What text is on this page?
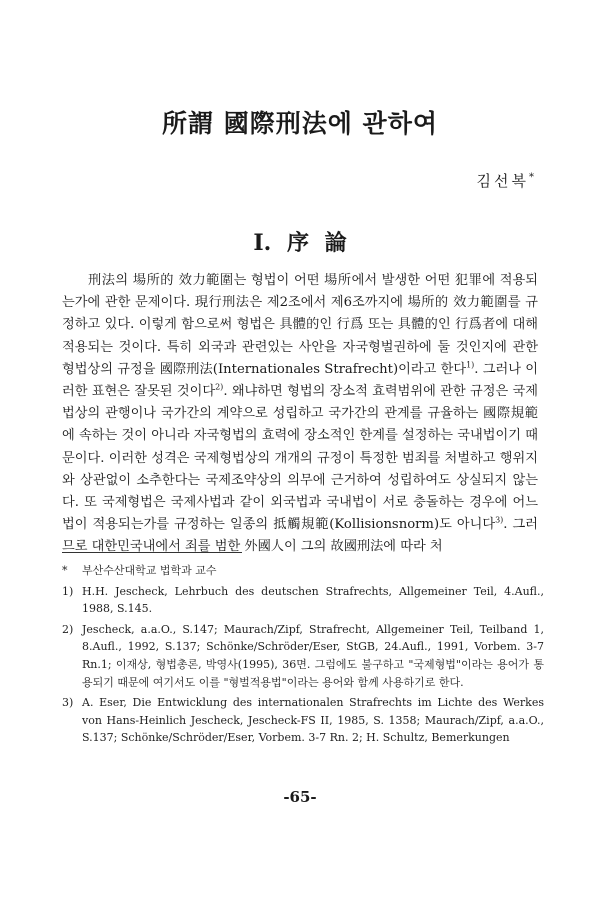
所謂 國際刑法에 관하여
김선복*
I. 序 論

刑法의 場所的 效力範圍는 형법이 어떤 場所에서 발생한 어떤 犯罪에 적용되는가에 관한 문제이다. 現行刑法은 제2조에서 제6조까지에 場所的 效力範圍를 규정하고 있다. 이렇게 함으로써 형법은 具體的인 行爲 또는 具體的인 行爲者에 대해 적용되는 것이다. 특히 외국과 관련있는 사안을 자국형벌권하에 둘 것인지에 관한 형법상의 규정을 國際刑法(Internationales Strafrecht)이라고 한다$^{1)}$. 그러나 이러한 표현은 잘못된 것이다$^{2)}$. 왜냐하면 형법의 장소적 효력범위에 관한 규정은 국제법상의 관행이나 국가간의 계약으로 성립하고 국가간의 관계를 규율하는 國際規範에 속하는 것이 아니라 자국형법의 효력에 장소적인 한계를 설정하는 국내법이기 때문이다. 이러한 성격은 국제형법상의 개개의 규정이 특정한 범죄를 처벌하고 행위지와 상관없이 소추한다는 국제조약상의 의무에 근거하여 성립하여도 상실되지 않는다. 또 국제형법은 국제사법과 같이 외국법과 국내법이 서로 충돌하는 경우에 어느 법이 적용되는가를 규정하는 일종의 抵觸規範(Kollisionsnorm)도 아니다$^{3)}$. 그러므로 대한민국내에서 죄를 범한 外國人이 그의 故國刑法에 따라 처

* 부산수산대학교 법학과 교수
1) H.H. Jescheck, Lehrbuch des deutschen Strafrechts, Allgemeiner Teil, 4.Aufl., 1988, S.145.
2) Jescheck, a.a.O., S.147; Maurach/Zipf, Strafrecht, Allgemeiner Teil, Teilband 1, 8.Aufl., 1992, S.137; Schönke/Schröder/Eser, StGB, 24.Aufl., 1991, Vorbem. 3-7 Rn.1; 이재상, 형법총론, 박영사(1995), 36면. 그럼에도 불구하고 "국제형법"이라는 용어가 통용되기 때문에 여기서도 이를 "형벌적용법"이라는 용어와 함께 사용하기로 한다.
3) A. Eser, Die Entwicklung des internationalen Strafrechts im Lichte des Werkes von Hans-Heinlich Jescheck, Jescheck-FS II, 1985, S. 1358; Maurach/Zipf, a.a.O., S.137; Schönke/Schröder/Eser, Vorbem. 3-7 Rn. 2; H. Schultz, Bemerkungen
-65-
